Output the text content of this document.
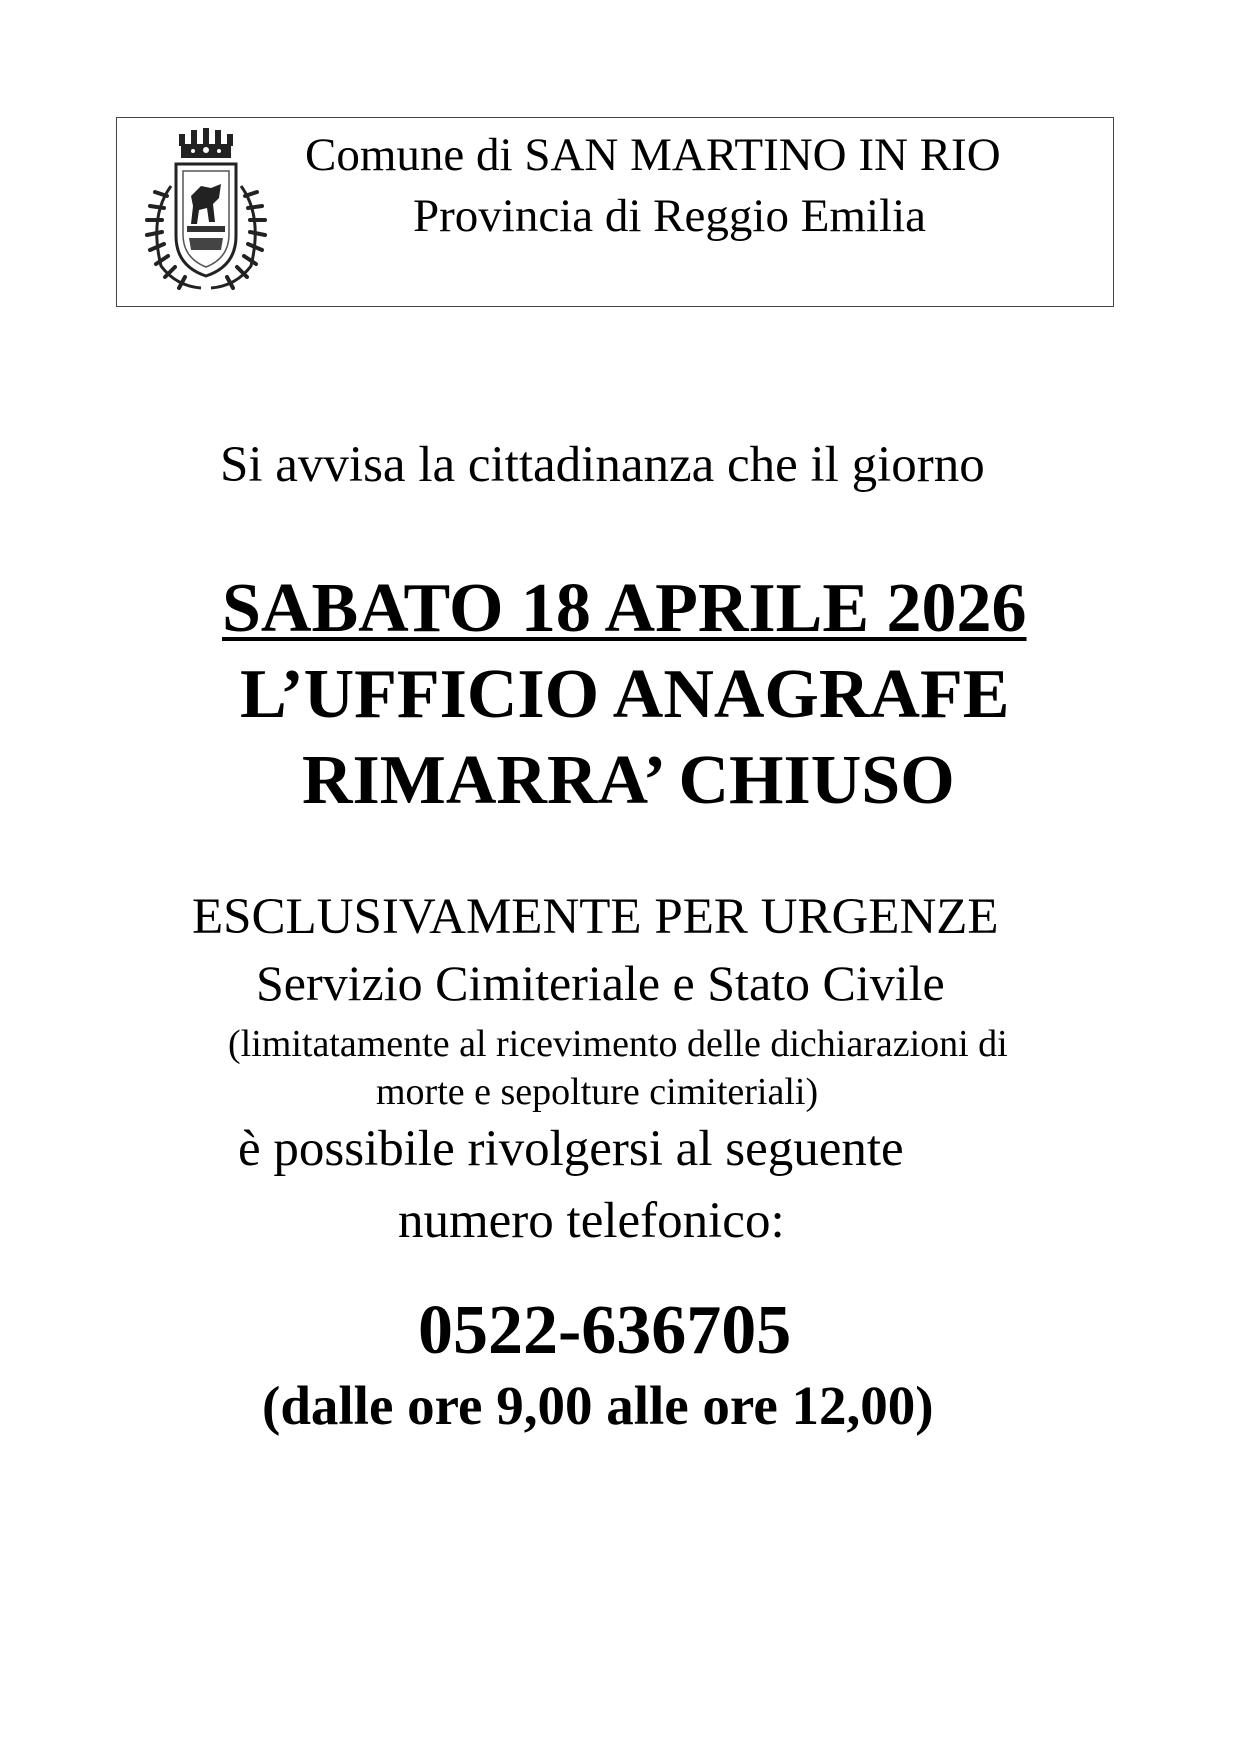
Comune di SAN MARTINO IN RIO
Provincia di Reggio Emilia
Si avvisa la cittadinanza che il giorno
SABATO 18 APRILE 2026
L’UFFICIO ANAGRAFE
RIMARRA’ CHIUSO
ESCLUSIVAMENTE PER URGENZE
Servizio Cimiteriale e Stato Civile
(limitatamente al ricevimento delle dichiarazioni di
morte e sepolture cimiteriali)
è possibile rivolgersi al seguente
numero telefonico:
0522-636705
(dalle ore 9,00 alle ore 12,00)
